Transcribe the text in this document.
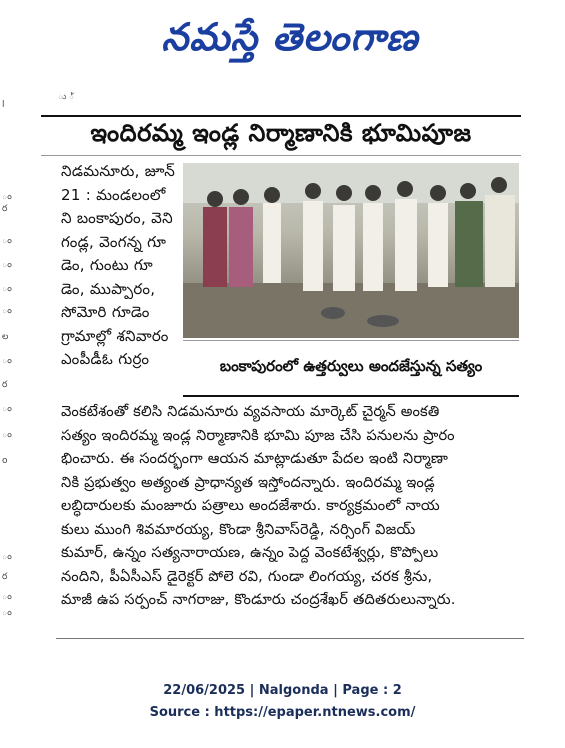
నమస్తే తెలంగాణ
ు ్
l
ం
ర
ం
ం
ం
ం
ల
ం
ర
ం
ం
o
ం
ర
ం
ం
ఇందిరమ్మ ఇండ్ల నిర్మాణానికి భూమిపూజ
నిడమనూరు, జూన్
21 : మండలంలో
ని బంకాపురం, వెని
గండ్ల, వెంగన్న గూ
డెం, గుంటు గూ
డెం, ముప్పారం,
సోమోరి గూడెం
గ్రామాల్లో శనివారం
ఎంపీడీఓ గుర్రం	బంకాపురంలో ఉత్తర్వులు అందజేస్తున్న సత్యం
వెంకటేశంతో కలిసి నిడమనూరు వ్యవసాయ మార్కెట్ చైర్మన్ అంకతి
సత్యం ఇందిరమ్మ ఇండ్ల నిర్మాణానికి భూమి పూజ చేసి పనులను ప్రారం
భించారు. ఈ సందర్భంగా ఆయన మాట్లాడుతూ పేదల ఇంటి నిర్మాణా
నికి ప్రభుత్వం అత్యంత ప్రాధాన్యత ఇస్తోందన్నారు. ఇందిరమ్మ ఇండ్ల
లబ్ధిదారులకు మంజూరు పత్రాలు అందజేశారు. కార్యక్రమంలో నాయ
కులు ముంగి శివమారయ్య, కొండా శ్రీనివాస్‌రెడ్డి, నర్సింగ్ విజయ్
కుమార్, ఉన్నం సత్యనారాయణ, ఉన్నం పెద్ద వెంకటేశ్వర్లు, కొప్పోలు
నందిని, పీఏసీఎస్ డైరెక్టర్ పోలె రవి, గుండా లింగయ్య, చరక శ్రీను,
మాజీ ఉప సర్పంచ్ నాగరాజు, కొండూరు చంద్రశేఖర్ తదితరులున్నారు.
22/06/2025 | Nalgonda | Page : 2
Source : https://epaper.ntnews.com/
